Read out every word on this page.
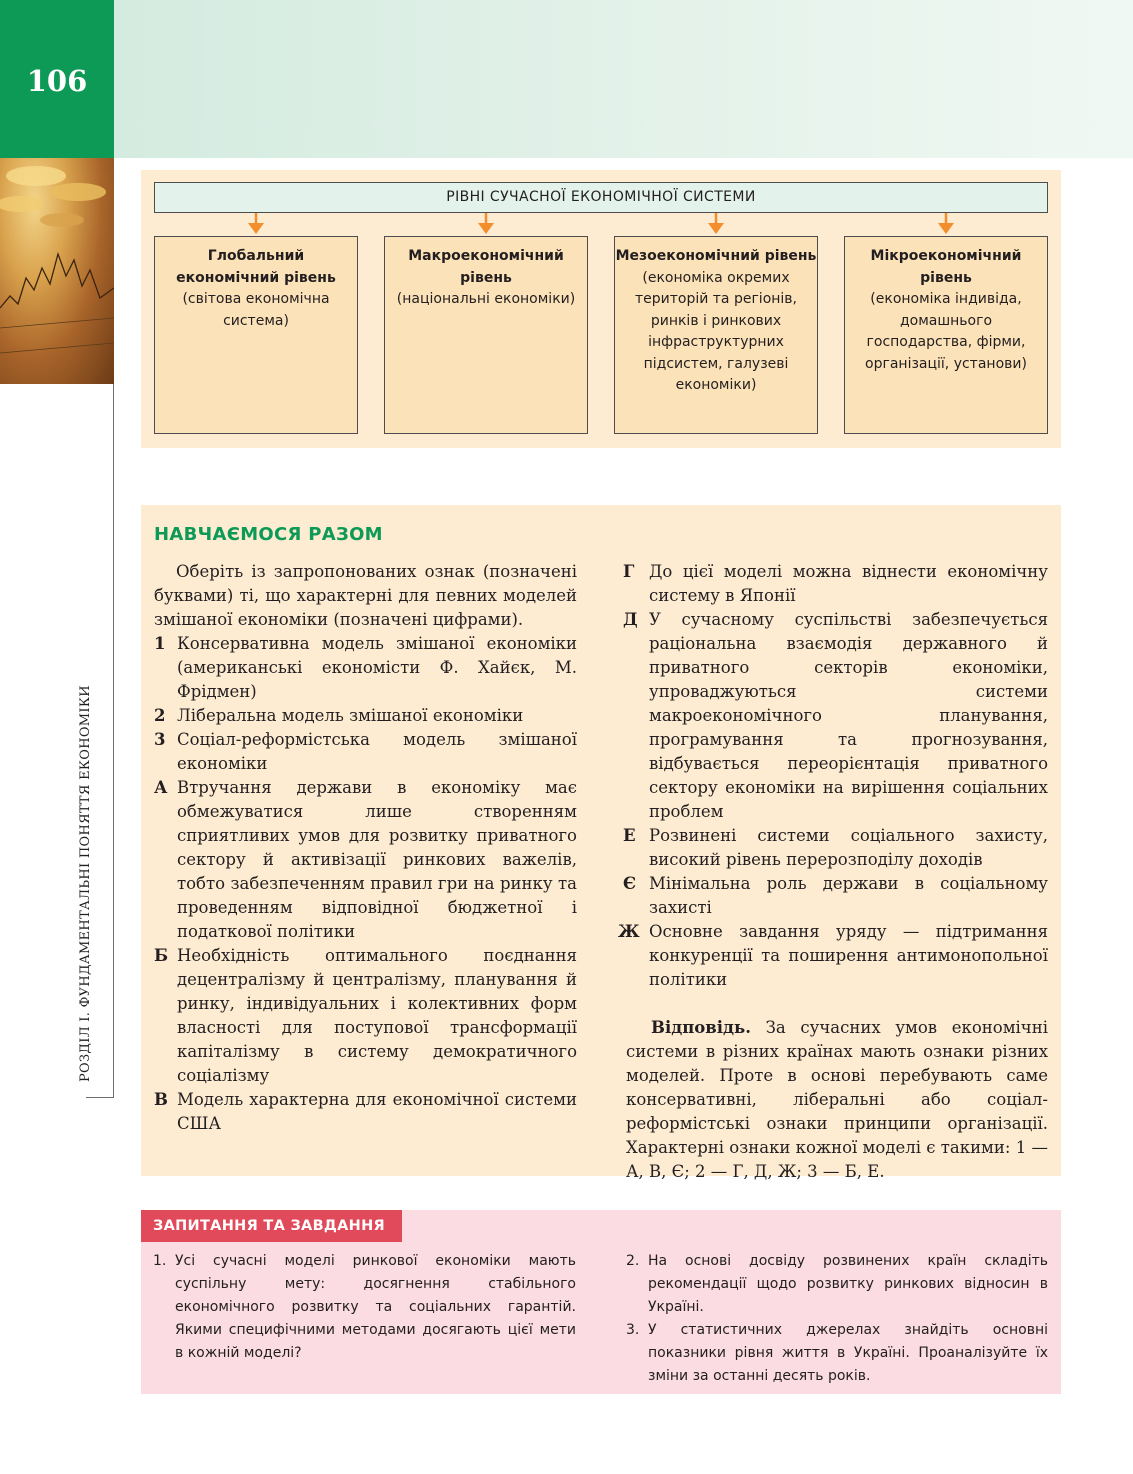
106
РОЗДІЛ І. ФУНДАМЕНТАЛЬНІ ПОНЯТТЯ ЕКОНОМІКИ
РІВНІ СУЧАСНОЇ ЕКОНОМІЧНОЇ СИСТЕМИ
Глобальний економічний рівень
(світова економічна система)
Макроекономічний рівень
(національні економіки)
Мезоекономічний рівень
(економіка окремих територій та регіонів, ринків і ринкових інфраструктурних підсистем, галузеві економіки)
Мікроекономічний рівень
(економіка індивіда, домашнього господарства, фірми, організації, установи)
НАВЧАЄМОСЯ РАЗОМ

Оберіть із запропонованих ознак (позначені буквами) ті, що характерні для певних моделей змішаної економіки (позначені цифрами).

1 Консервативна модель змішаної економіки (американські економісти Ф. Хайєк, М. Фрідмен)
2 Ліберальна модель змішаної економіки
3 Соціал-реформістська модель змішаної економіки
А Втручання держави в економіку має обмежуватися лише створенням сприятливих умов для розвитку приватного сектору й активізації ринкових важелів, тобто забезпеченням правил гри на ринку та проведенням відповідної бюджетної і податкової політики
Б Необхідність оптимального поєднання децентралізму й централізму, планування й ринку, індивідуальних і колективних форм власності для поступової трансформації капіталізму в систему демократичного соціалізму
В Модель характерна для економічної системи США
Г До цієї моделі можна віднести економічну систему в Японії
Д У сучасному суспільстві забезпечується раціональна взаємодія державного й приватного секторів економіки, упроваджуються системи макроекономічного планування, програмування та прогнозування, відбувається переорієнтація приватного сектору економіки на вирішення соціальних проблем
Е Розвинені системи соціального захисту, високий рівень перерозподілу доходів
Є Мінімальна роль держави в соціальному захисті
Ж Основне завдання уряду — підтримання конкуренції та поширення антимонопольної політики

Відповідь. За сучасних умов економічні системи в різних країнах мають ознаки різних моделей. Проте в основі перебувають саме консервативні, ліберальні або соціал-реформістські ознаки принципи організації. Характерні ознаки кожної моделі є такими: 1 — А, В, Є; 2 — Г, Д, Ж; 3 — Б, Е.

ЗАПИТАННЯ ТА ЗАВДАННЯ
1. Усі сучасні моделі ринкової економіки мають суспільну мету: досягнення стабільного економічного розвитку та соціальних гарантій. Якими специфічними методами досягають цієї мети в кожній моделі?
2. На основі досвіду розвинених країн складіть рекомендації щодо розвитку ринкових відносин в Україні.
3. У статистичних джерелах знайдіть основні показники рівня життя в Україні. Проаналізуйте їх зміни за останні десять років.
